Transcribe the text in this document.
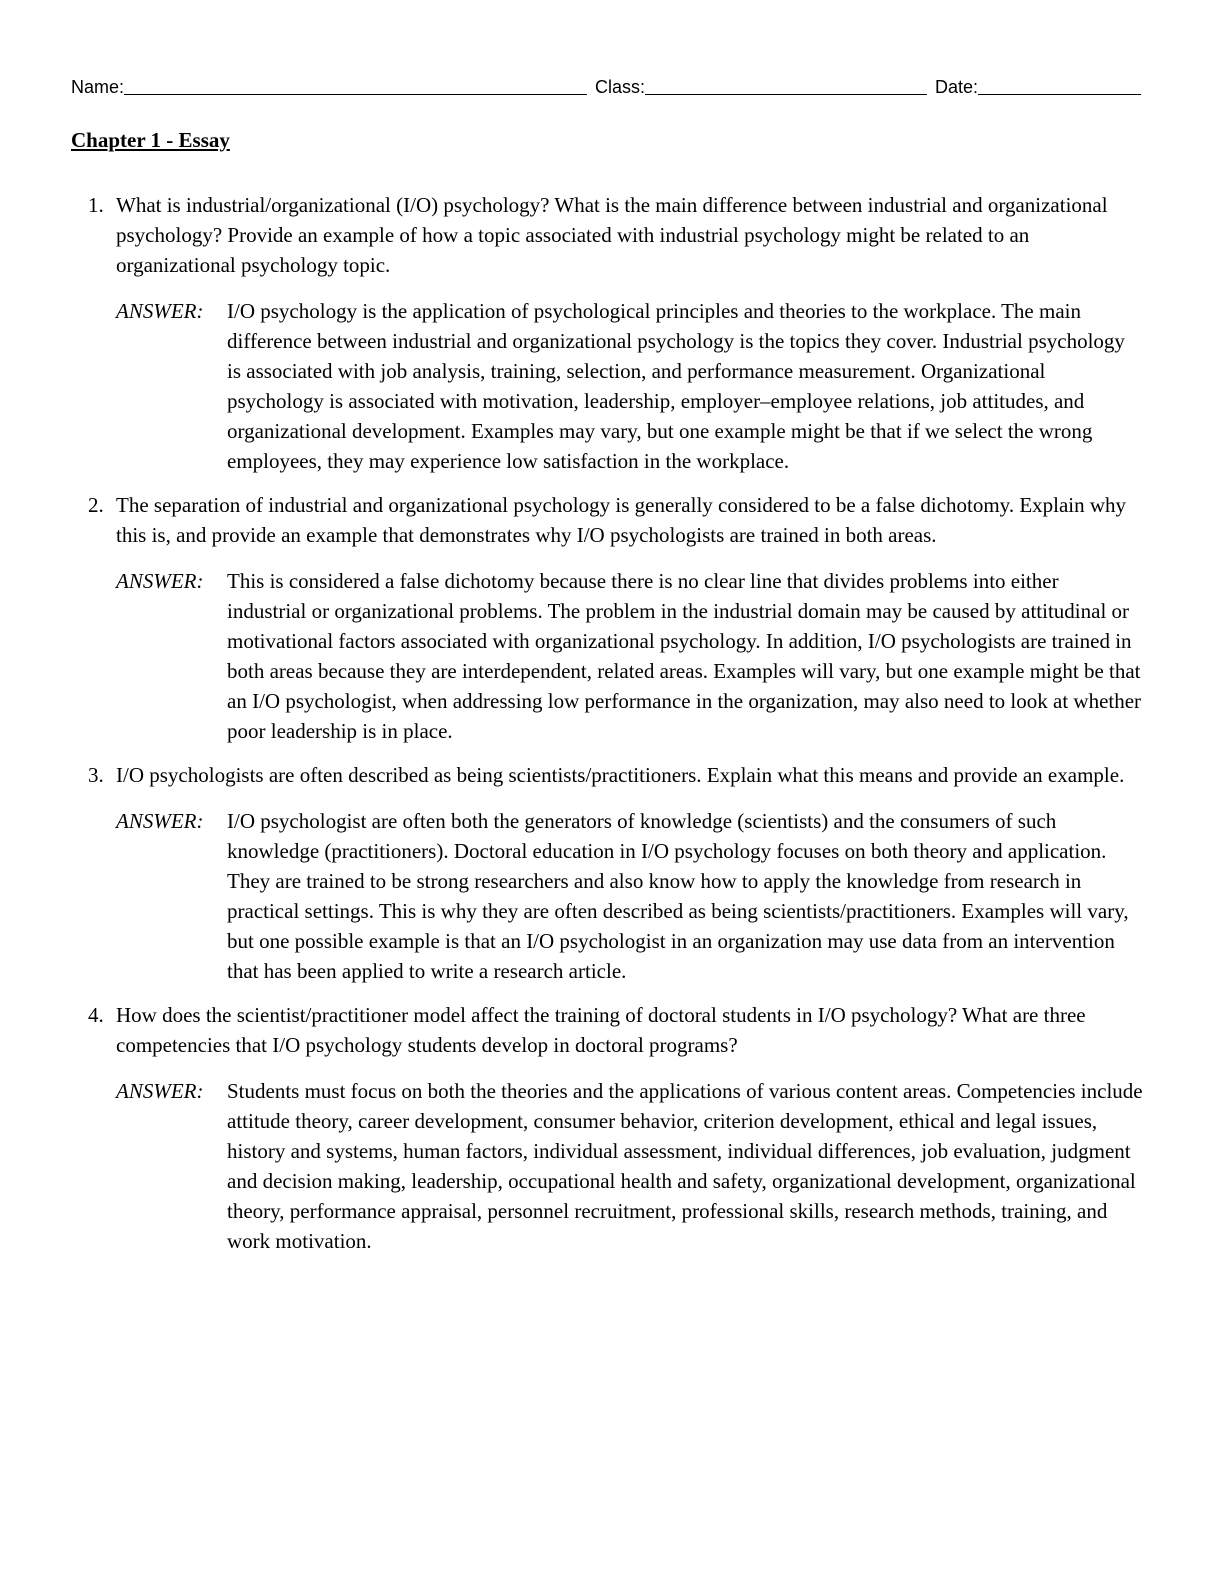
Name:	Class:	Date:
Chapter 1 - Essay
1. What is industrial/organizational (I/O) psychology? What is the main difference between industrial and organizational psychology? Provide an example of how a topic associated with industrial psychology might be related to an organizational psychology topic.
ANSWER:	I/O psychology is the application of psychological principles and theories to the workplace. The main difference between industrial and organizational psychology is the topics they cover. Industrial psychology is associated with job analysis, training, selection, and performance measurement. Organizational psychology is associated with motivation, leadership, employer–employee relations, job attitudes, and organizational development. Examples may vary, but one example might be that if we select the wrong employees, they may experience low satisfaction in the workplace.
2. The separation of industrial and organizational psychology is generally considered to be a false dichotomy. Explain why this is, and provide an example that demonstrates why I/O psychologists are trained in both areas.
ANSWER:	This is considered a false dichotomy because there is no clear line that divides problems into either industrial or organizational problems. The problem in the industrial domain may be caused by attitudinal or motivational factors associated with organizational psychology. In addition, I/O psychologists are trained in both areas because they are interdependent, related areas. Examples will vary, but one example might be that an I/O psychologist, when addressing low performance in the organization, may also need to look at whether poor leadership is in place.
3. I/O psychologists are often described as being scientists/practitioners. Explain what this means and provide an example.
ANSWER:	I/O psychologist are often both the generators of knowledge (scientists) and the consumers of such knowledge (practitioners). Doctoral education in I/O psychology focuses on both theory and application. They are trained to be strong researchers and also know how to apply the knowledge from research in practical settings. This is why they are often described as being scientists/practitioners. Examples will vary, but one possible example is that an I/O psychologist in an organization may use data from an intervention that has been applied to write a research article.
4. How does the scientist/practitioner model affect the training of doctoral students in I/O psychology? What are three competencies that I/O psychology students develop in doctoral programs?
ANSWER:	Students must focus on both the theories and the applications of various content areas. Competencies include attitude theory, career development, consumer behavior, criterion development, ethical and legal issues, history and systems, human factors, individual assessment, individual differences, job evaluation, judgment and decision making, leadership, occupational health and safety, organizational development, organizational theory, performance appraisal, personnel recruitment, professional skills, research methods, training, and work motivation.
